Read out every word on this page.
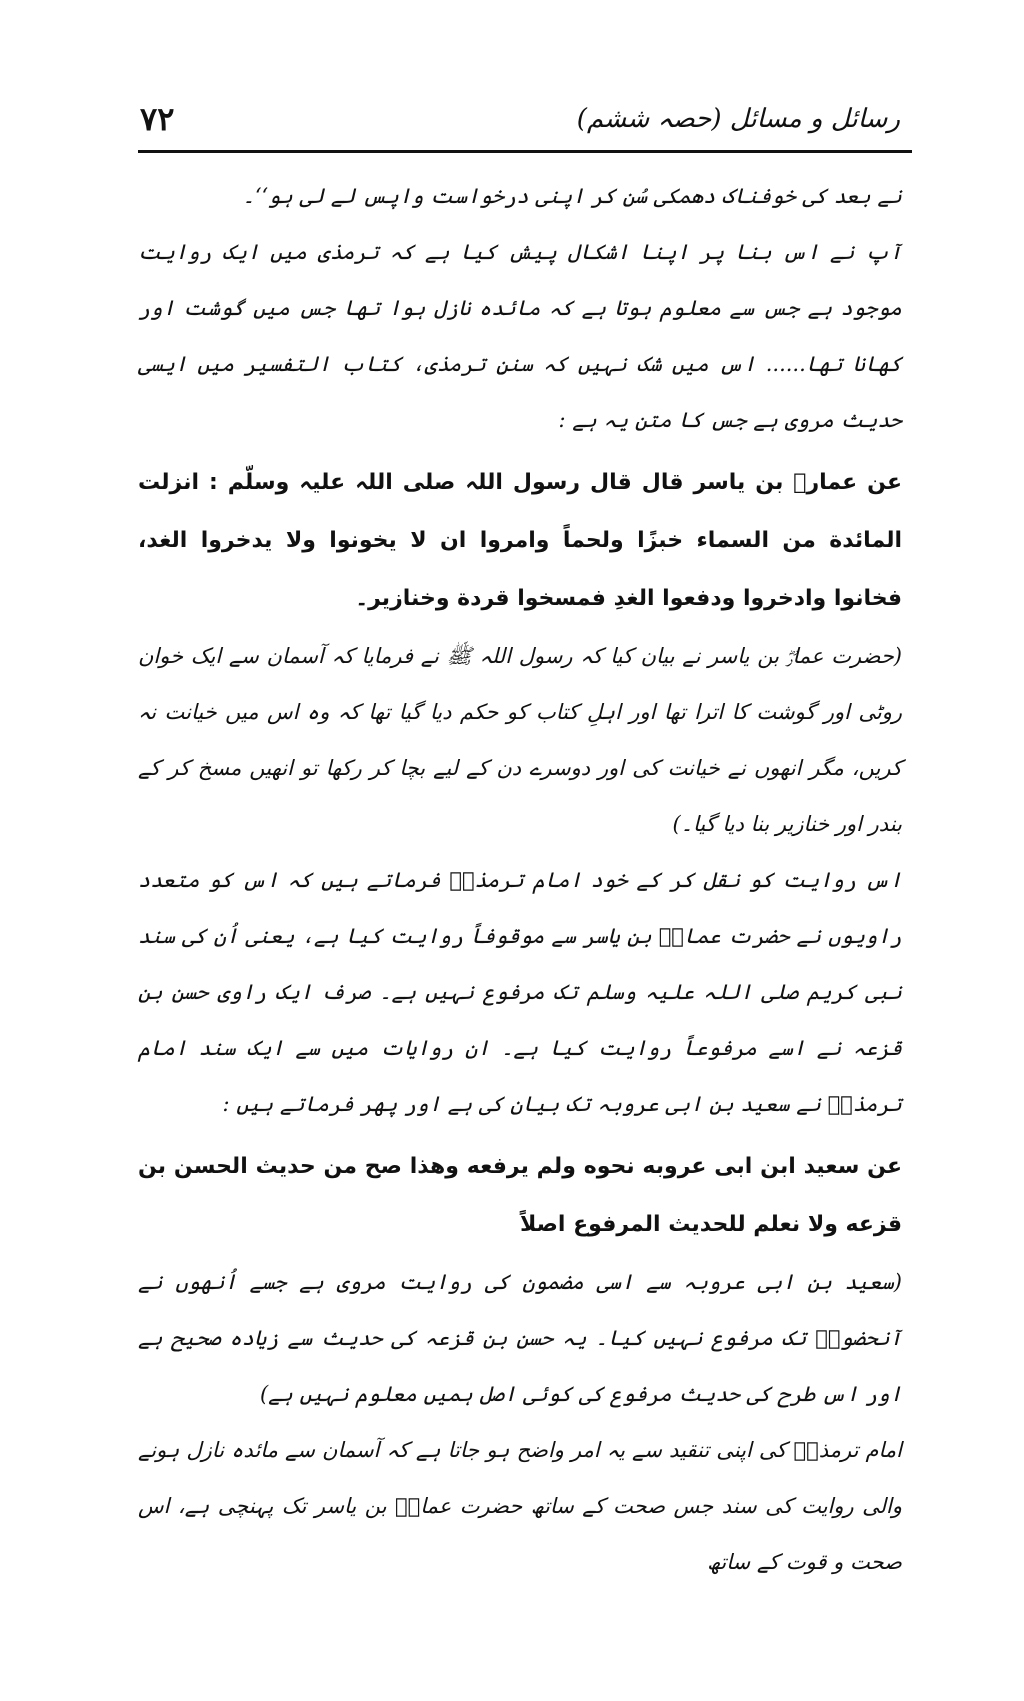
رسائل و مسائل (حصہ ششم)
۷۲

نے بعد کی خوفناک دھمکی سُن کر اپنی درخواست واپس لے لی ہو‘‘۔

آپ نے اس بنا پر اپنا اشکال پیش کیا ہے کہ ترمذی میں ایک روایت موجود ہے جس سے معلوم ہوتا ہے کہ مائدہ نازل ہوا تھا جس میں گوشت اور کھانا تھا...... اس میں شک نہیں کہ سننِ ترمذی، کتاب التفسیر میں ایسی حدیث مروی ہے جس کا متن یہ ہے :

عن عمارؓ بن یاسر قال قال رسول اللہ صلی اللہ علیہ وسلّم : انزلت المائدة من السماء خبزًا ولحماً وامروا ان لا یخونوا ولا یدخروا الغد، فخانوا وادخروا ودفعوا الغدِ فمسخوا قردة وخنازیر۔

(حضرت عمارؓ بن یاسر نے بیان کیا کہ رسول اللہ ﷺ نے فرمایا کہ آسمان سے ایک خوان روٹی اور گوشت کا اترا تھا اور اہلِ کتاب کو حکم دیا گیا تھا کہ وہ اس میں خیانت نہ کریں، مگر انھوں نے خیانت کی اور دوسرے دن کے لیے بچا کر رکھا تو انھیں مسخ کر کے بندر اور خنازیر بنا دیا گیا۔)

اس روایت کو نقل کر کے خود امام ترمذیؒ فرماتے ہیں کہ اس کو متعدد راویوں نے حضرت عمارؓ بن یاسر سے موقوفاً روایت کیا ہے، یعنی اُن کی سند نبی کریم صلی اللہ علیہ وسلم تک مرفوع نہیں ہے۔ صرف ایک راوی حسن بن قزعہ نے اسے مرفوعاً روایت کیا ہے۔ ان روایات میں سے ایک سند امام ترمذیؒ نے سعید بن ابی عروبہ تک بیان کی ہے اور پھر فرماتے ہیں :

عن سعید ابن ابی عروبه نحوه ولم یرفعه وهذا صح من حدیث الحسن بن قزعه ولا نعلم للحدیث المرفوع اصلاً

(سعید بن ابی عروبہ سے اسی مضمون کی روایت مروی ہے جسے اُنھوں نے آنحضورؐ تک مرفوع نہیں کیا۔ یہ حسن بن قزعہ کی حدیث سے زیادہ صحیح ہے اور اس طرح کی حدیث مرفوع کی کوئی اصل ہمیں معلوم نہیں ہے)

امام ترمذیؒ کی اپنی تنقید سے یہ امر واضح ہو جاتا ہے کہ آسمان سے مائدہ نازل ہونے والی روایت کی سند جس صحت کے ساتھ حضرت عمارؓ بن یاسر تک پہنچی ہے، اس صحت و قوت کے ساتھ
